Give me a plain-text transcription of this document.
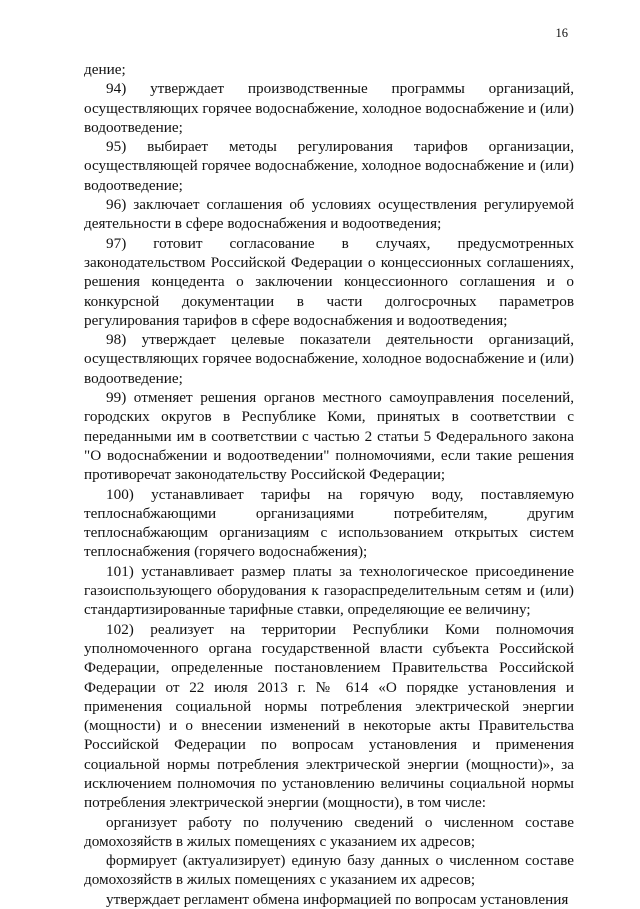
16

дение;

94) утверждает производственные программы организаций, осуществляющих горячее водоснабжение, холодное водоснабжение и (или) водоотведение;

95) выбирает методы регулирования тарифов организации, осуществляющей горячее водоснабжение, холодное водоснабжение и (или) водоотведение;

96) заключает соглашения об условиях осуществления регулируемой деятельности в сфере водоснабжения и водоотведения;

97) готовит согласование в случаях, предусмотренных законодательством Российской Федерации о концессионных соглашениях, решения концедента о заключении концессионного соглашения и о конкурсной документации в части долгосрочных параметров регулирования тарифов в сфере водоснабжения и водоотведения;

98) утверждает целевые показатели деятельности организаций, осуществляющих горячее водоснабжение, холодное водоснабжение и (или) водоотведение;

99) отменяет решения органов местного самоуправления поселений, городских округов в Республике Коми, принятых в соответствии с переданными им в соответствии с частью 2 статьи 5 Федерального закона "О водоснабжении и водоотведении" полномочиями, если такие решения противоречат законодательству Российской Федерации;

100) устанавливает тарифы на горячую воду, поставляемую теплоснабжающими организациями потребителям, другим теплоснабжающим организациям с использованием открытых систем теплоснабжения (горячего водоснабжения);

101) устанавливает размер платы за технологическое присоединение газоиспользующего оборудования к газораспределительным сетям и (или) стандартизированные тарифные ставки, определяющие ее величину;

102) реализует на территории Республики Коми полномочия уполномоченного органа государственной власти субъекта Российской Федерации, определенные постановлением Правительства Российской Федерации от 22 июля 2013 г. № 614 «О порядке установления и применения социальной нормы потребления электрической энергии (мощности) и о внесении изменений в некоторые акты Правительства Российской Федерации по вопросам установления и применения социальной нормы потребления электрической энергии (мощности)», за исключением полномочия по установлению величины социальной нормы потребления электрической энергии (мощности), в том числе:

организует работу по получению сведений о численном составе домохозяйств в жилых помещениях с указанием их адресов;

формирует (актуализирует) единую базу данных о численном составе домохозяйств в жилых помещениях с указанием их адресов;

утверждает регламент обмена информацией по вопросам установления
